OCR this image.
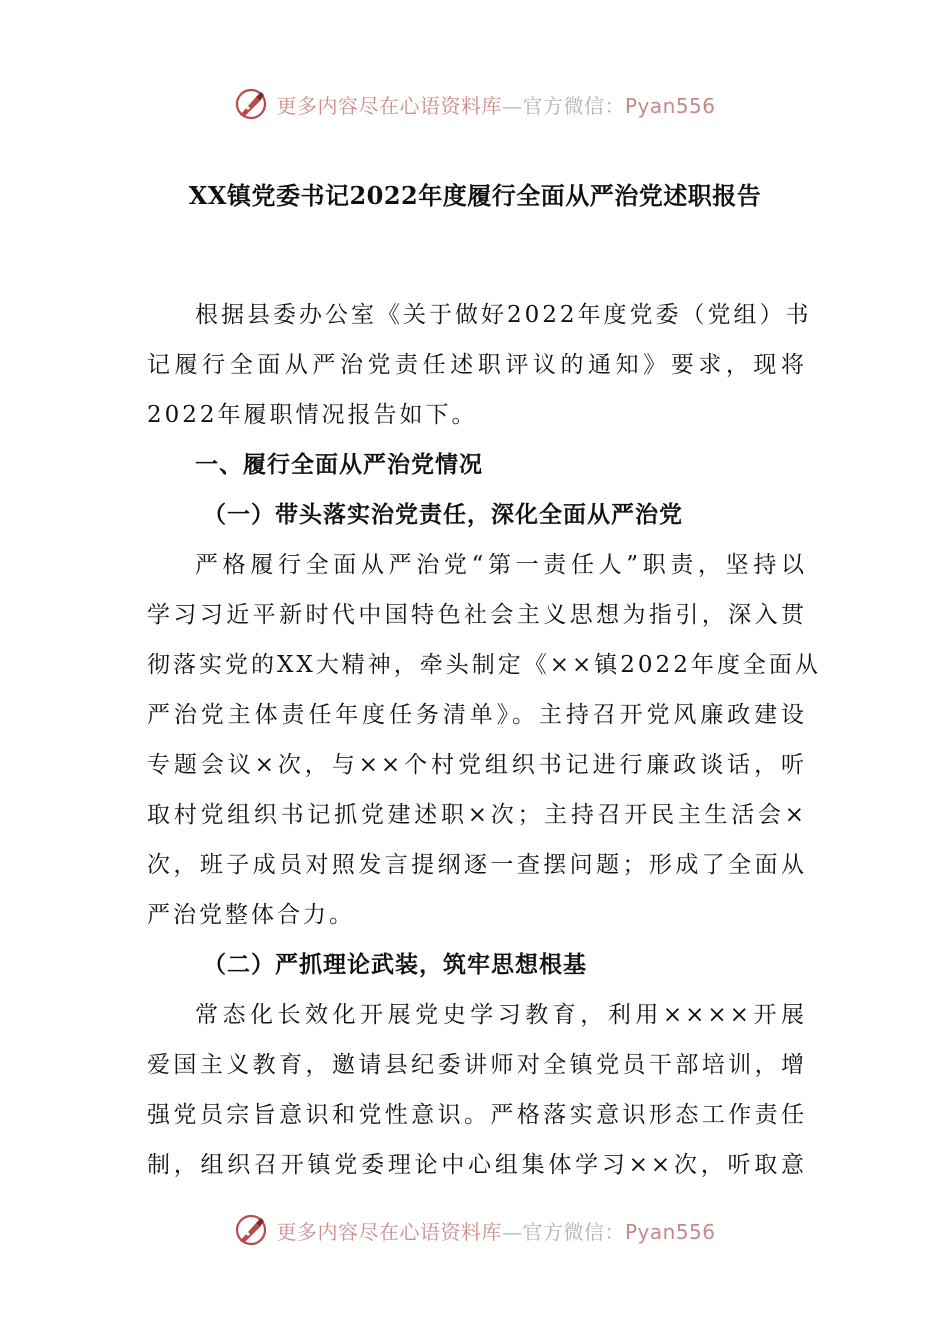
更多内容尽在心语资料库—官方微信：Pyan556
XX镇党委书记2022年度履行全面从严治党述职报告

根据县委办公室《关于做好2022年度党委（党组）书

记履行全面从严治党责任述职评议的通知》要求，现将

2022年履职情况报告如下。

一、履行全面从严治党情况

（一）带头落实治党责任，深化全面从严治党

严格履行全面从严治党“第一责任人”职责，坚持以

学习习近平新时代中国特色社会主义思想为指引，深入贯

彻落实党的XX大精神，牵头制定《××镇2022年度全面从

严治党主体责任年度任务清单》。主持召开党风廉政建设

专题会议×次，与××个村党组织书记进行廉政谈话，听

取村党组织书记抓党建述职×次；主持召开民主生活会×

次，班子成员对照发言提纲逐一查摆问题；形成了全面从

严治党整体合力。

（二）严抓理论武装，筑牢思想根基

常态化长效化开展党史学习教育，利用××××开展

爱国主义教育，邀请县纪委讲师对全镇党员干部培训，增

强党员宗旨意识和党性意识。严格落实意识形态工作责任

制，组织召开镇党委理论中心组集体学习××次，听取意

更多内容尽在心语资料库—官方微信：Pyan556
